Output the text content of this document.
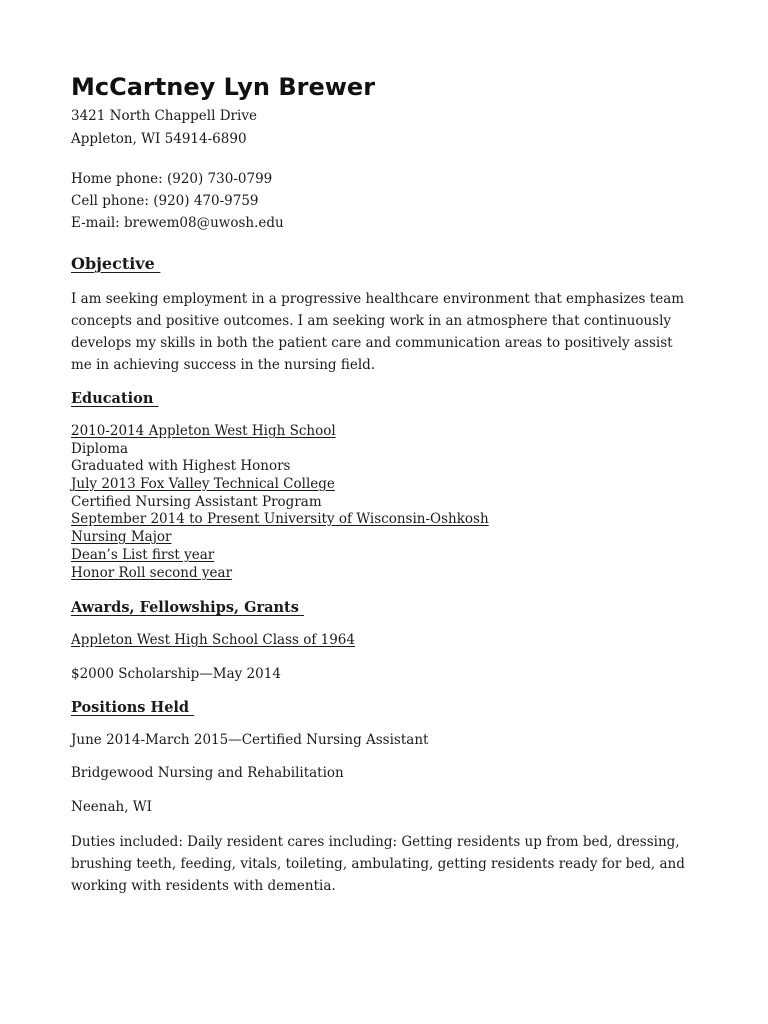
McCartney Lyn Brewer

3421 North Chappell Drive

Appleton, WI 54914-6890

Home phone: (920) 730-0799

Cell phone: (920) 470-9759

E-mail: brewem08@uwosh.edu

Objective

I am seeking employment in a progressive healthcare environment that emphasizes team concepts and positive outcomes. I am seeking work in an atmosphere that continuously develops my skills in both the patient care and communication areas to positively assist me in achieving success in the nursing field.

Education

2010-2014 Appleton West High School

Diploma

Graduated with Highest Honors

July 2013 Fox Valley Technical College

Certified Nursing Assistant Program

September 2014 to Present University of Wisconsin-Oshkosh

Nursing Major

Dean’s List first year

Honor Roll second year

Awards, Fellowships, Grants

Appleton West High School Class of 1964

$2000 Scholarship—May 2014

Positions Held

June 2014-March 2015—Certified Nursing Assistant

Bridgewood Nursing and Rehabilitation

Neenah, WI

Duties included: Daily resident cares including: Getting residents up from bed, dressing, brushing teeth, feeding, vitals, toileting, ambulating, getting residents ready for bed, and working with residents with dementia.
